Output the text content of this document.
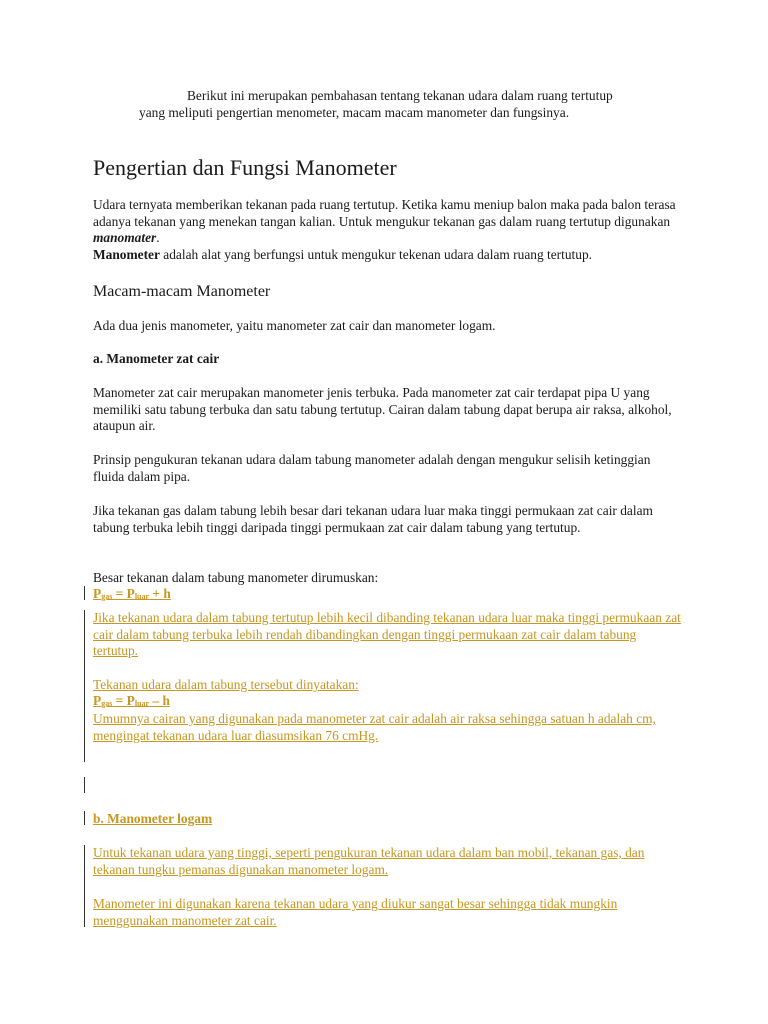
Berikut ini merupakan pembahasan tentang tekanan udara dalam ruang tertutup yang meliputi pengertian menometer, macam macam manometer dan fungsinya.

Pengertian dan Fungsi Manometer

Udara ternyata memberikan tekanan pada ruang tertutup. Ketika kamu meniup balon maka pada balon terasa adanya tekanan yang menekan tangan kalian. Untuk mengukur tekanan gas dalam ruang tertutup digunakan manomater.
Manometer adalah alat yang berfungsi untuk mengukur tekenan udara dalam ruang tertutup.

Macam-macam Manometer

Ada dua jenis manometer, yaitu manometer zat cair dan manometer logam.

a. Manometer zat cair

Manometer zat cair merupakan manometer jenis terbuka. Pada manometer zat cair terdapat pipa U yang memiliki satu tabung terbuka dan satu tabung tertutup. Cairan dalam tabung dapat berupa air raksa, alkohol, ataupun air.

Prinsip pengukuran tekanan udara dalam tabung manometer adalah dengan mengukur selisih ketinggian fluida dalam pipa.

Jika tekanan gas dalam tabung lebih besar dari tekanan udara luar maka tinggi permukaan zat cair dalam tabung terbuka lebih tinggi daripada tinggi permukaan zat cair dalam tabung yang tertutup.

Besar tekanan dalam tabung manometer dirumuskan:

$P_{gas} = P_{luar} + h$

Jika tekanan udara dalam tabung tertutup lebih kecil dibanding tekanan udara luar maka tinggi permukaan zat cair dalam tabung terbuka lebih rendah dibandingkan dengan tinggi permukaan zat cair dalam tabung tertutup.

Tekanan udara dalam tabung tersebut dinyatakan:

$P_{gas} = P_{luar} - h$

Umumnya cairan yang digunakan pada manometer zat cair adalah air raksa sehingga satuan h adalah cm, mengingat tekanan udara luar diasumsikan 76 cmHg.

b. Manometer logam

Untuk tekanan udara yang tinggi, seperti pengukuran tekanan udara dalam ban mobil, tekanan gas, dan tekanan tungku pemanas digunakan manometer logam.

Manometer ini digunakan karena tekanan udara yang diukur sangat besar sehingga tidak mungkin menggunakan manometer zat cair.
